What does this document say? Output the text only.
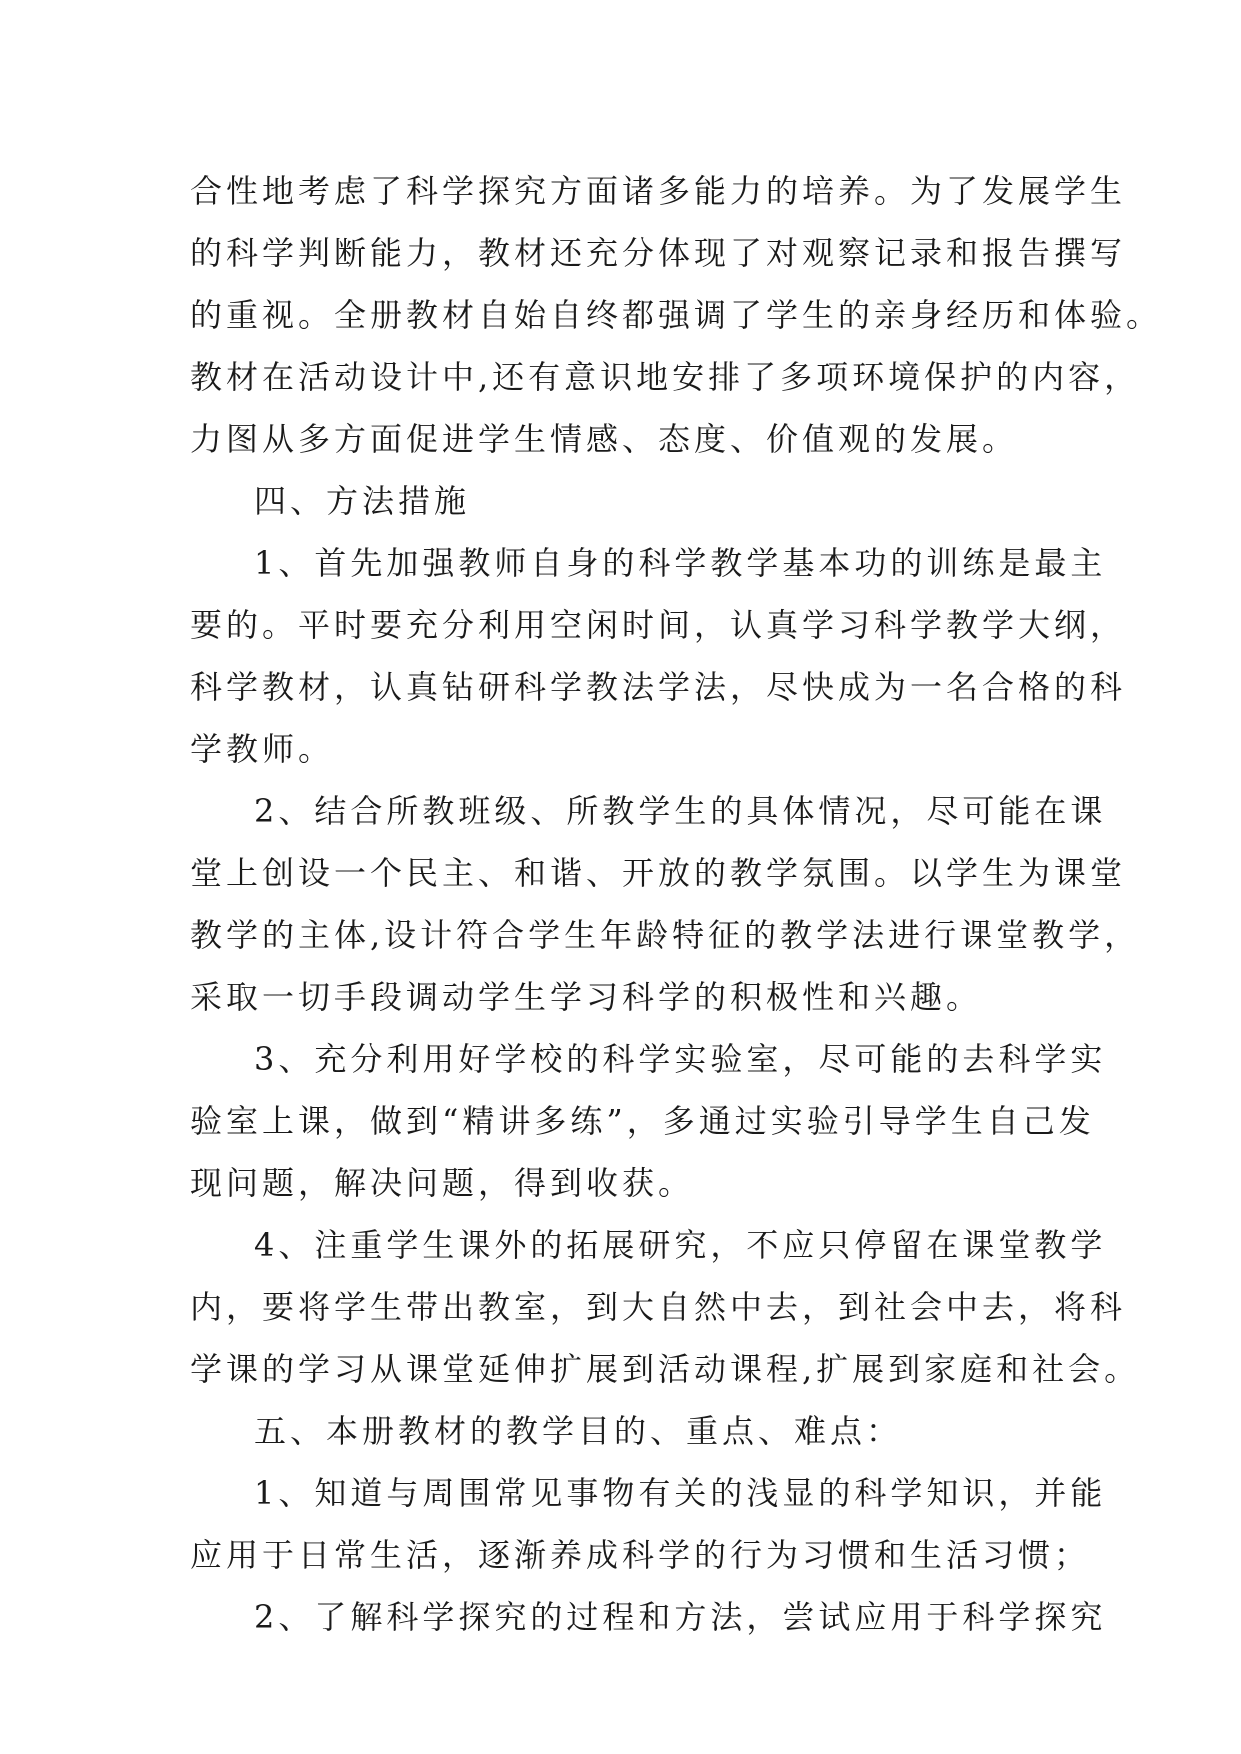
合性地考虑了科学探究方面诸多能力的培养。为了发展学生
的科学判断能力，教材还充分体现了对观察记录和报告撰写
的重视。全册教材自始自终都强调了学生的亲身经历和体验。
教材在活动设计中,还有意识地安排了多项环境保护的内容，
力图从多方面促进学生情感、态度、价值观的发展。
四、方法措施
1、首先加强教师自身的科学教学基本功的训练是最主
要的。平时要充分利用空闲时间，认真学习科学教学大纲，
科学教材，认真钻研科学教法学法，尽快成为一名合格的科
学教师。
2、结合所教班级、所教学生的具体情况，尽可能在课
堂上创设一个民主、和谐、开放的教学氛围。以学生为课堂
教学的主体,设计符合学生年龄特征的教学法进行课堂教学，
采取一切手段调动学生学习科学的积极性和兴趣。
3、充分利用好学校的科学实验室，尽可能的去科学实
验室上课，做到“精讲多练”，多通过实验引导学生自己发
现问题，解决问题，得到收获。
4、注重学生课外的拓展研究，不应只停留在课堂教学
内，要将学生带出教室，到大自然中去，到社会中去，将科
学课的学习从课堂延伸扩展到活动课程,扩展到家庭和社会。
五、本册教材的教学目的、重点、难点：
1、知道与周围常见事物有关的浅显的科学知识，并能
应用于日常生活，逐渐养成科学的行为习惯和生活习惯；
2、了解科学探究的过程和方法，尝试应用于科学探究
